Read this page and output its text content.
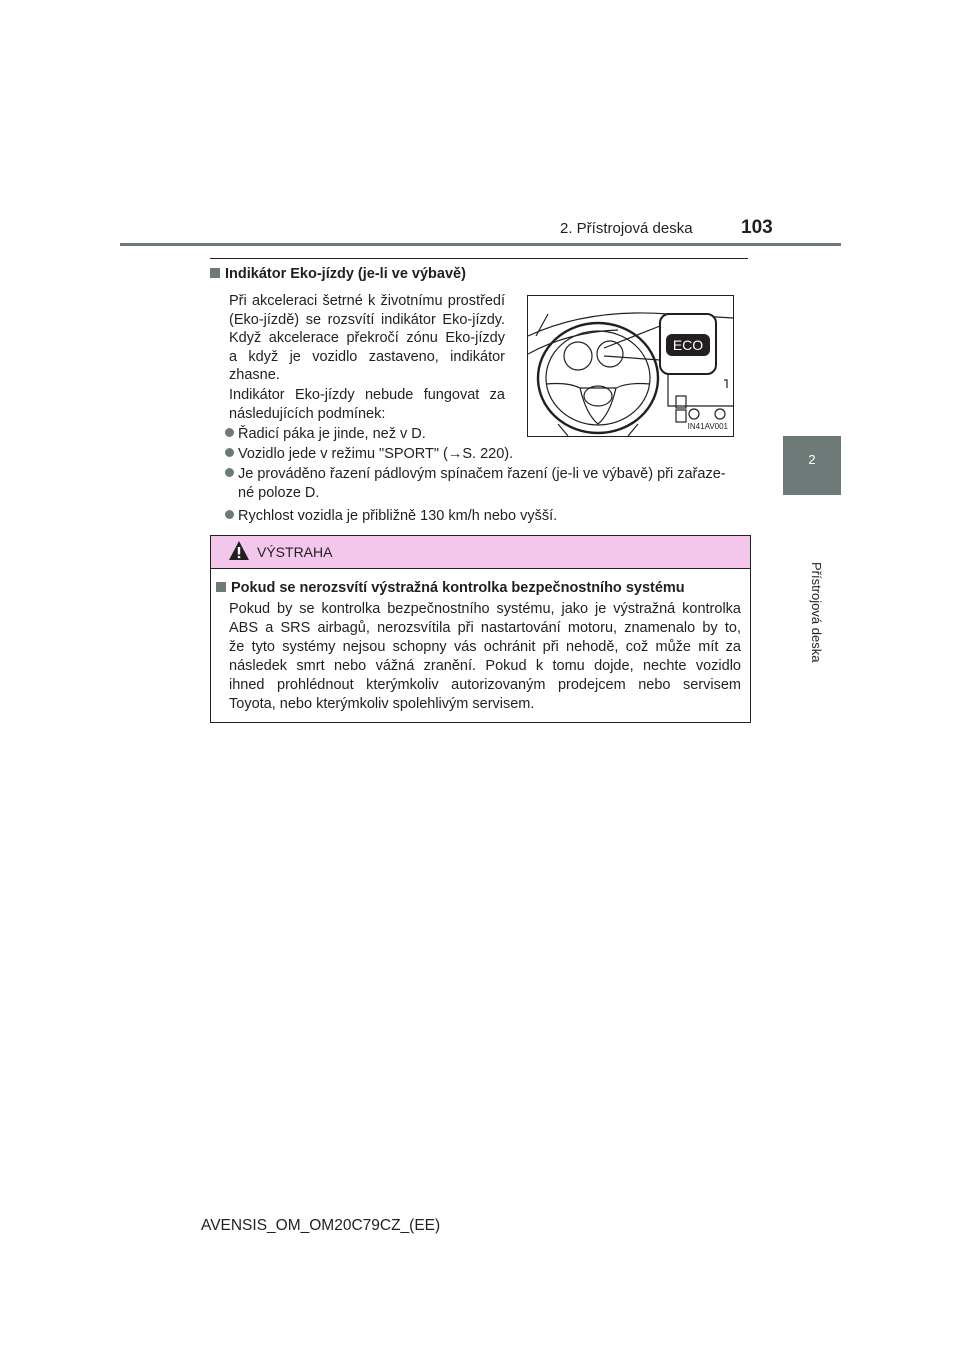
2. Přístrojová deska	103
2
Přístrojová deska
Indikátor Eko-jízdy (je-li ve výbavě)
Při akceleraci šetrné k životnímu prostředí
(Eko-jízdě) se rozsvítí indikátor Eko-jízdy.
Když akcelerace překročí zónu Eko-jízdy
a když je vozidlo zastaveno, indikátor
zhasne.
Indikátor Eko-jízdy nebude fungovat za
následujících podmínek:
Řadicí páka je jinde, než v D.
Vozidlo jede v režimu "SPORT" (→S. 220).
Je prováděno řazení pádlovým spínačem řazení (je-li ve výbavě) při zařaze-
né poloze D.
Rychlost vozidla je přibližně 130 km/h nebo vyšší.
ECO
IN41AV001
VÝSTRAHA
Pokud se nerozsvítí výstražná kontrolka bezpečnostního systému
Pokud by se kontrolka bezpečnostního systému, jako je výstražná kontrolka
ABS a SRS airbagů, nerozsvítila při nastartování motoru, znamenalo by to,
že tyto systémy nejsou schopny vás ochránit při nehodě, což může mít za
následek smrt nebo vážná zranění. Pokud k tomu dojde, nechte vozidlo
ihned prohlédnout kterýmkoliv autorizovaným prodejcem nebo servisem
Toyota, nebo kterýmkoliv spolehlivým servisem.
AVENSIS_OM_OM20C79CZ_(EE)
